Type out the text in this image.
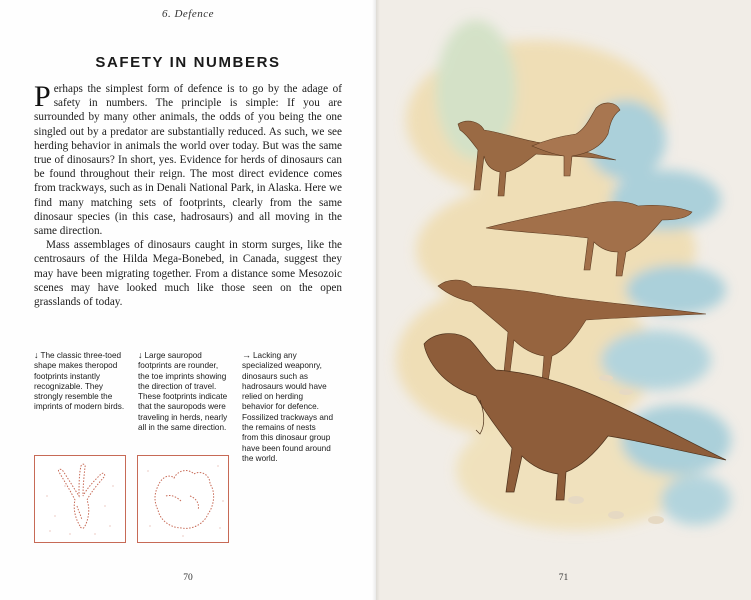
6. Defence
SAFETY IN NUMBERS

Perhaps the simplest form of defence is to go by the adage of safety in numbers. The principle is simple: If you are surrounded by many other animals, the odds of you being the one singled out by a predator are substantially reduced. As such, we see herding behavior in animals the world over today. But was the same true of dinosaurs? In short, yes. Evidence for herds of dinosaurs can be found throughout their reign. The most direct evidence comes from trackways, such as in Denali National Park, in Alaska. Here we find many matching sets of footprints, clearly from the same dinosaur species (in this case, hadrosaurs) and all moving in the same direction.

Mass assemblages of dinosaurs caught in storm surges, like the centrosaurs of the Hilda Mega-Bonebed, in Canada, suggest they may have been migrating together. From a distance some Mesozoic scenes may have looked much like those seen on the open grasslands of today.

↓ The classic three-toed shape makes theropod footprints instantly recognizable. They strongly resemble the imprints of modern birds.
↓ Large sauropod footprints are rounder, the toe imprints showing the direction of travel. These footprints indicate that the sauropods were traveling in herds, nearly all in the same direction.
→ Lacking any specialized weaponry, dinosaurs such as hadrosaurs would have relied on herding behavior for defence. Fossilized trackways and the remains of nests from this dinosaur group have been found around the world.
70	71
